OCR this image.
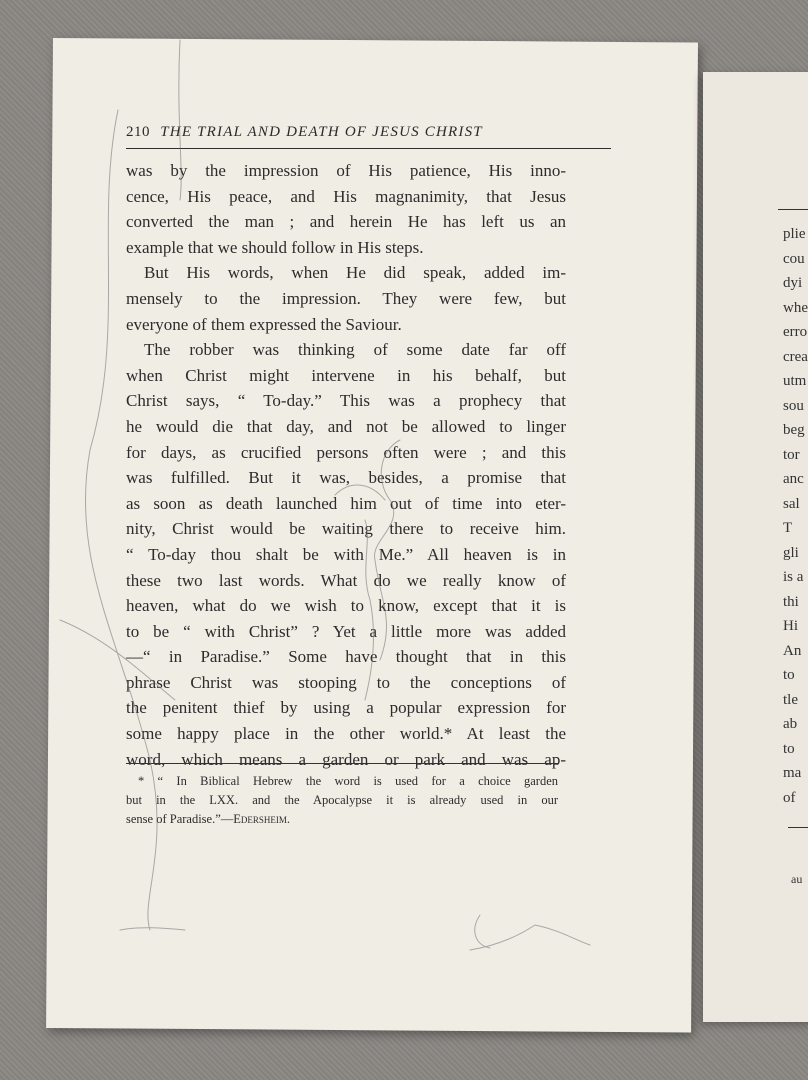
plie
cou
dyi
whe
erro
crea
utm
sou
beg
tor
anc
sal
T
gli
is a
thi
Hi
An
to
tle
ab
to
ma
of
au
210 THE TRIAL AND DEATH OF JESUS CHRIST
was by the impression of His patience, His inno-
cence, His peace, and His magnanimity, that Jesus
converted the man ; and herein He has left us an
example that we should follow in His steps.
But His words, when He did speak, added im-
mensely to the impression. They were few, but
everyone of them expressed the Saviour.
The robber was thinking of some date far off
when Christ might intervene in his behalf, but
Christ says, “ To-day.” This was a prophecy that
he would die that day, and not be allowed to linger
for days, as crucified persons often were ; and this
was fulfilled. But it was, besides, a promise that
as soon as death launched him out of time into eter-
nity, Christ would be waiting there to receive him.
“ To-day thou shalt be with Me.” All heaven is in
these two last words. What do we really know of
heaven, what do we wish to know, except that it is
to be “ with Christ” ? Yet a little more was added
—“ in Paradise.” Some have thought that in this
phrase Christ was stooping to the conceptions of
the penitent thief by using a popular expression for
some happy place in the other world.* At least the
word, which means a garden or park and was ap-
* “ In Biblical Hebrew the word is used for a choice garden
but in the LXX. and the Apocalypse it is already used in our
sense of Paradise.”—Edersheim.
